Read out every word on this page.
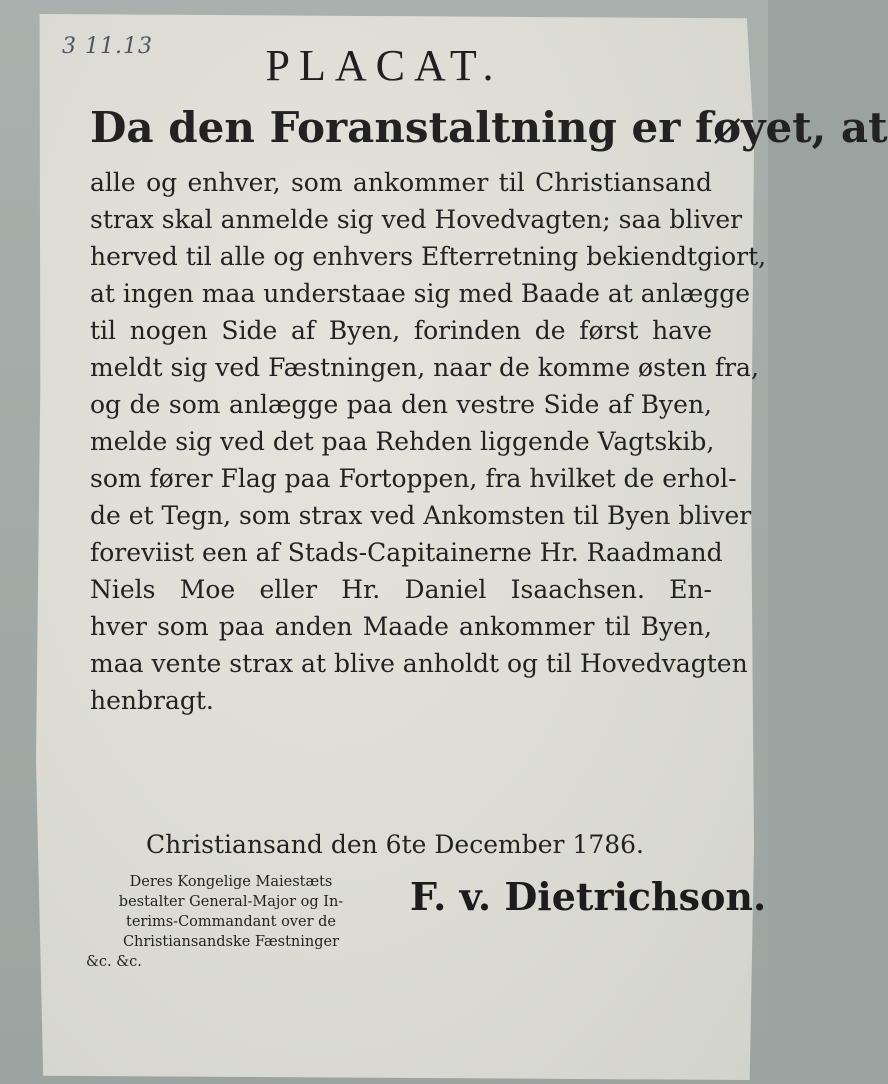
3 11.13	PLACAT.
Da den Foranstaltning er føyet, at
alle og enhver, som ankommer til Christiansand
strax skal anmelde sig ved Hovedvagten; saa bliver
herved til alle og enhvers Efterretning bekiendtgiort,
at ingen maa understaae sig med Baade at anlægge
til nogen Side af Byen, forinden de først have
meldt sig ved Fæstningen, naar de komme østen fra,
og de som anlægge paa den vestre Side af Byen,
melde sig ved det paa Rehden liggende Vagtskib,
som fører Flag paa Fortoppen, fra hvilket de erhol-
de et Tegn, som strax ved Ankomsten til Byen bliver
foreviist een af Stads-Capitainerne Hr. Raadmand
Niels Moe eller Hr. Daniel Isaachsen. En-
hver som paa anden Maade ankommer til Byen,
maa vente strax at blive anholdt og til Hovedvagten
henbragt.
Christiansand den 6te December 1786.
Deres Kongelige Maiestæts
bestalter General-Major og In-
terims-Commandant over de
Christiansandske Fæstninger
&c. &c.
F. v. Dietrichson.
